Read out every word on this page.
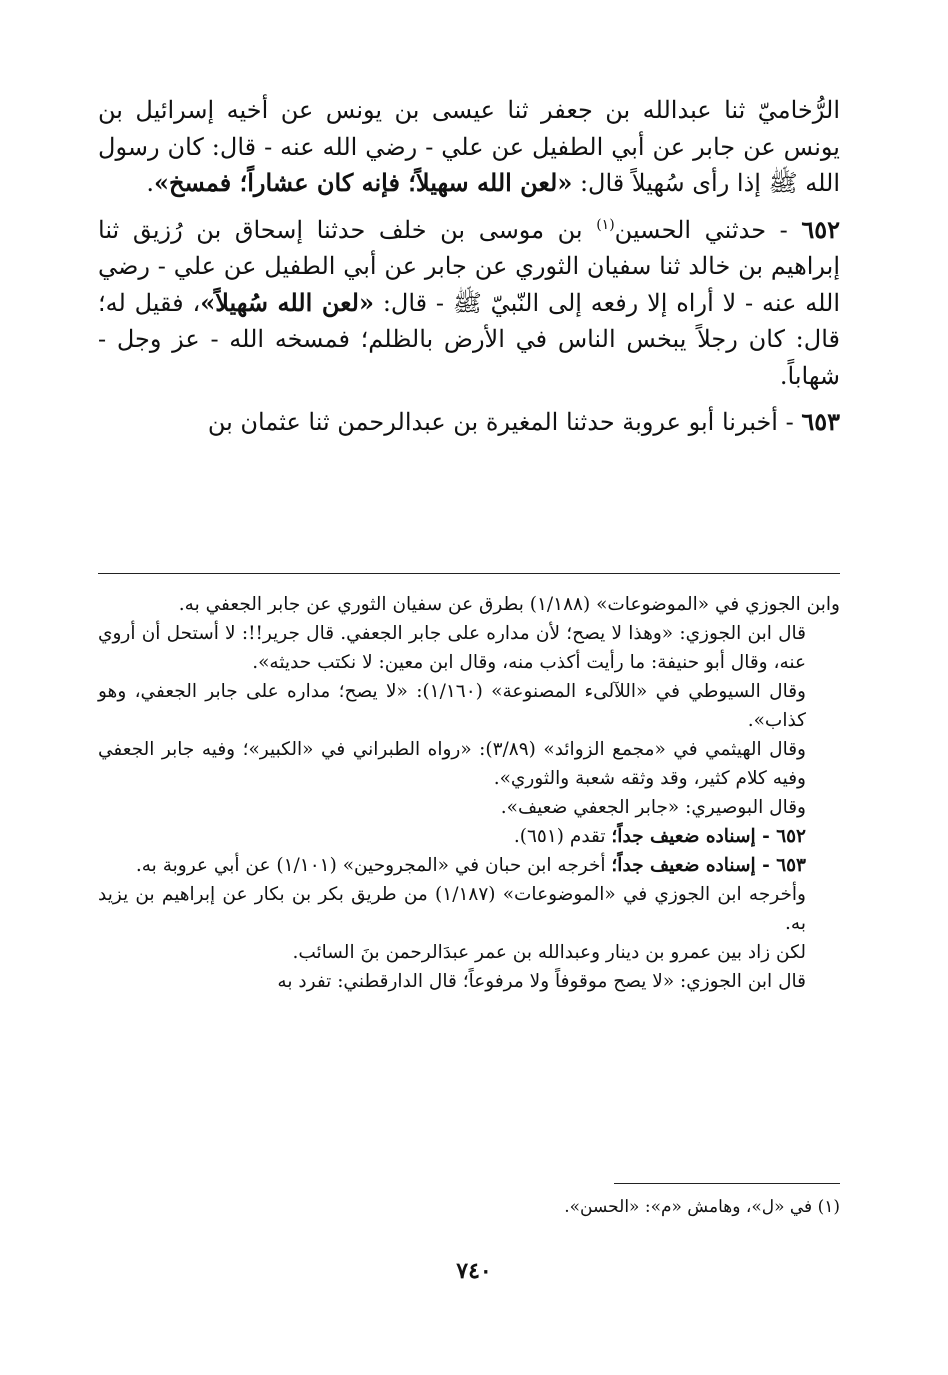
الرُّخاميّ ثنا عبدالله بن جعفر ثنا عيسى بن يونس عن أخيه إسرائيل بن يونس عن جابر عن أبي الطفيل عن علي - رضي الله عنه - قال: كان رسول الله ﷺ إذا رأى سُهيلاً قال: «لعن الله سهيلاً؛ فإنه كان عشاراً؛ فمسخ».

٦٥٢ - حدثني الحسين$^{(١)}$ بن موسى بن خلف حدثنا إسحاق بن رُزيق ثنا إبراهيم بن خالد ثنا سفيان الثوري عن جابر عن أبي الطفيل عن علي - رضي الله عنه - لا أراه إلا رفعه إلى النّبيّ ﷺ - قال: «لعن الله سُهيلاً»، فقيل له؛ قال: كان رجلاً يبخس الناس في الأرض بالظلم؛ فمسخه الله - عز وجل - شهاباً.

٦٥٣ - أخبرنا أبو عروبة حدثنا المغيرة بن عبدالرحمن ثنا عثمان بن

وابن الجوزي في «الموضوعات» (١/١٨٨) بطرق عن سفيان الثوري عن جابر الجعفي به.

قال ابن الجوزي: «وهذا لا يصح؛ لأن مداره على جابر الجعفي. قال جرير!!: لا أستحل أن أروي عنه، وقال أبو حنيفة: ما رأيت أكذب منه، وقال ابن معين: لا نكتب حديثه».

وقال السيوطي في «اللآلىء المصنوعة» (١/١٦٠): «لا يصح؛ مداره على جابر الجعفي، وهو كذاب».

وقال الهيثمي في «مجمع الزوائد» (٣/٨٩): «رواه الطبراني في «الكبير»؛ وفيه جابر الجعفي وفيه كلام كثير، وقد وثقه شعبة والثوري».

وقال البوصيري: «جابر الجعفي ضعيف».

٦٥٢ - إسناده ضعيف جداً؛ تقدم (٦٥١).

٦٥٣ - إسناده ضعيف جداً؛ أخرجه ابن حبان في «المجروحين» (١/١٠١) عن أبي عروبة به.

وأخرجه ابن الجوزي في «الموضوعات» (١/١٨٧) من طريق بكر بن بكار عن إبراهيم بن يزيد به.

لكن زاد بين عمرو بن دينار وعبدالله بن عمر عبدَالرحمن بنَ السائب.

قال ابن الجوزي: «لا يصح موقوفاً ولا مرفوعاً؛ قال الدارقطني: تفرد به

(١) في «ل»، وهامش «م»: «الحسن».
٧٤٠
